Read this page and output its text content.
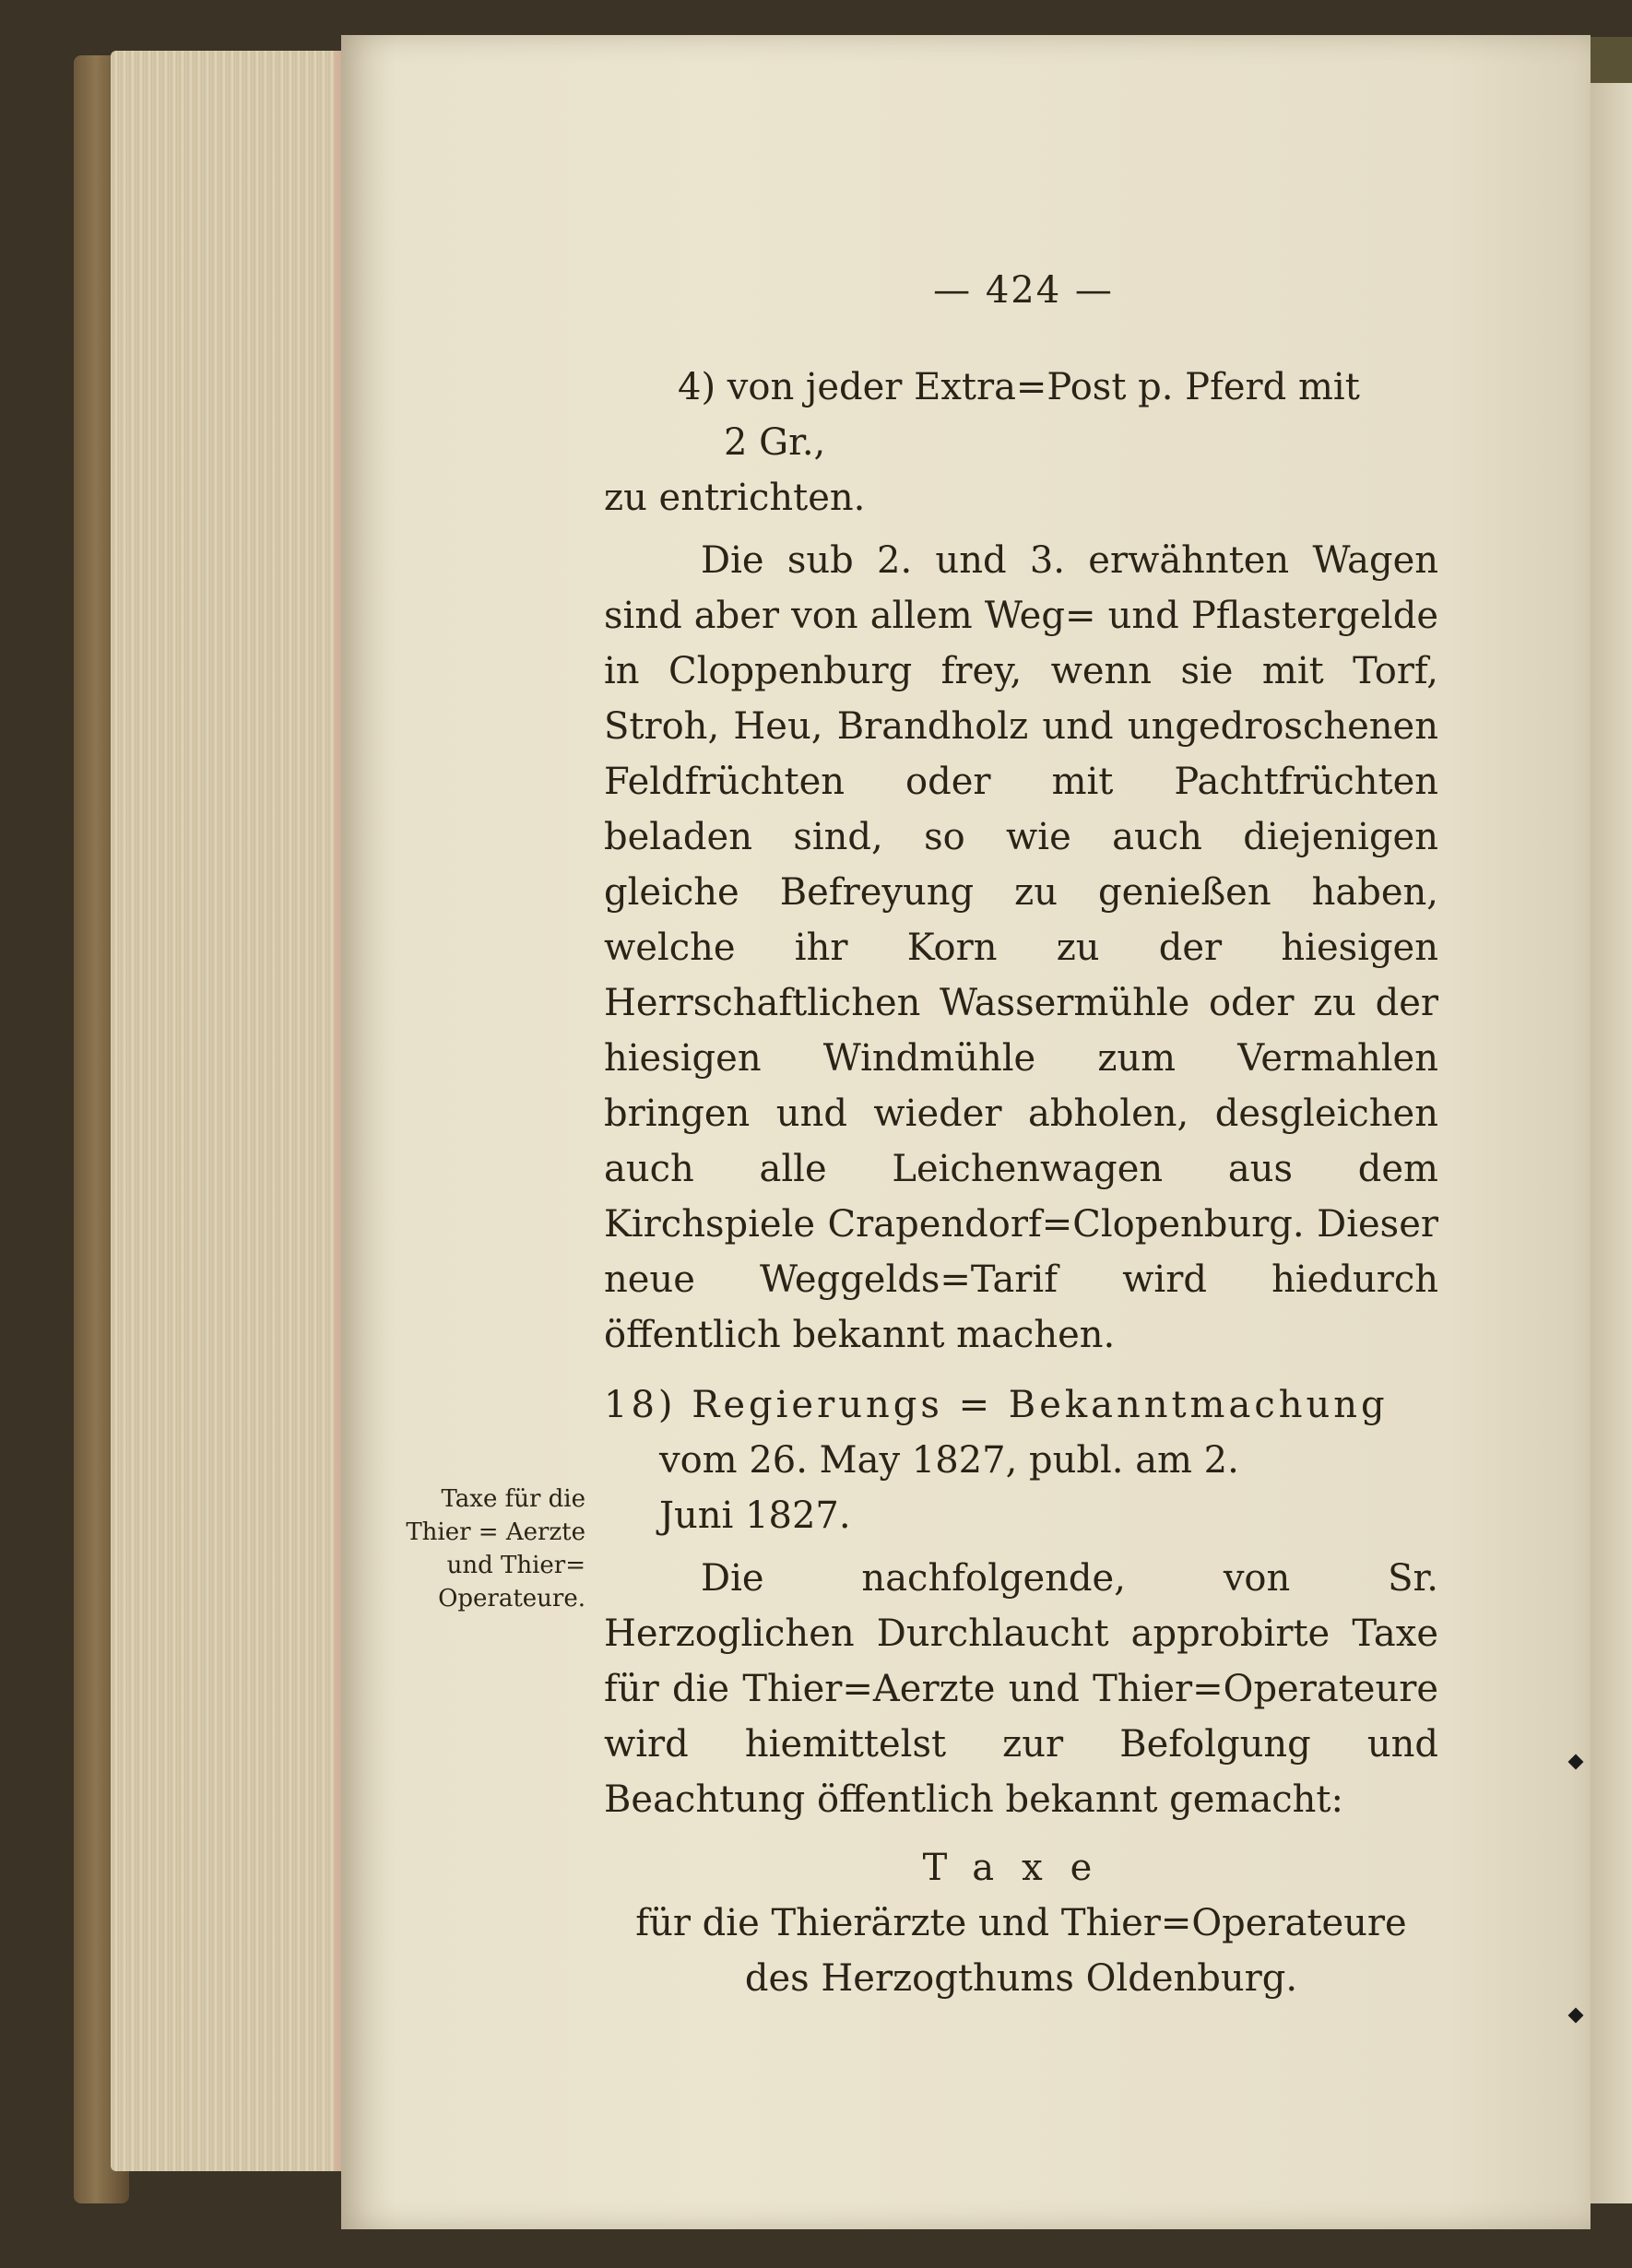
— 424 —

4) von jeder Extra=Post p. Pferd mit

2 Gr.,

zu entrichten.

Die sub 2. und 3. erwähnten Wagen sind aber von allem Weg= und Pflastergelde in Cloppenburg frey, wenn sie mit Torf, Stroh, Heu, Brandholz und ungedroschenen Feldfrüchten oder mit Pachtfrüchten beladen sind, so wie auch diejenigen gleiche Befreyung zu genießen haben, welche ihr Korn zu der hiesigen Herrschaftlichen Wassermühle oder zu der hiesigen Windmühle zum Vermahlen bringen und wieder abholen, desgleichen auch alle Leichenwagen aus dem Kirchspiele Crapendorf=Clopenburg. Dieser neue Weggelds=Tarif wird hiedurch öffentlich bekannt machen.

18) Regierungs = Bekanntmachung

vom 26. May 1827, publ. am 2.

Juni 1827.

Die nachfolgende, von Sr. Herzoglichen Durchlaucht approbirte Taxe für die Thier=Aerzte und Thier=Operateure wird hiemittelst zur Befolgung und Beachtung öffentlich bekannt gemacht:

Taxe

für die Thierärzte und Thier=Operateure

des Herzogthums Oldenburg.

Taxe für die
Thier = Aerzte
und Thier=
Operateure.
